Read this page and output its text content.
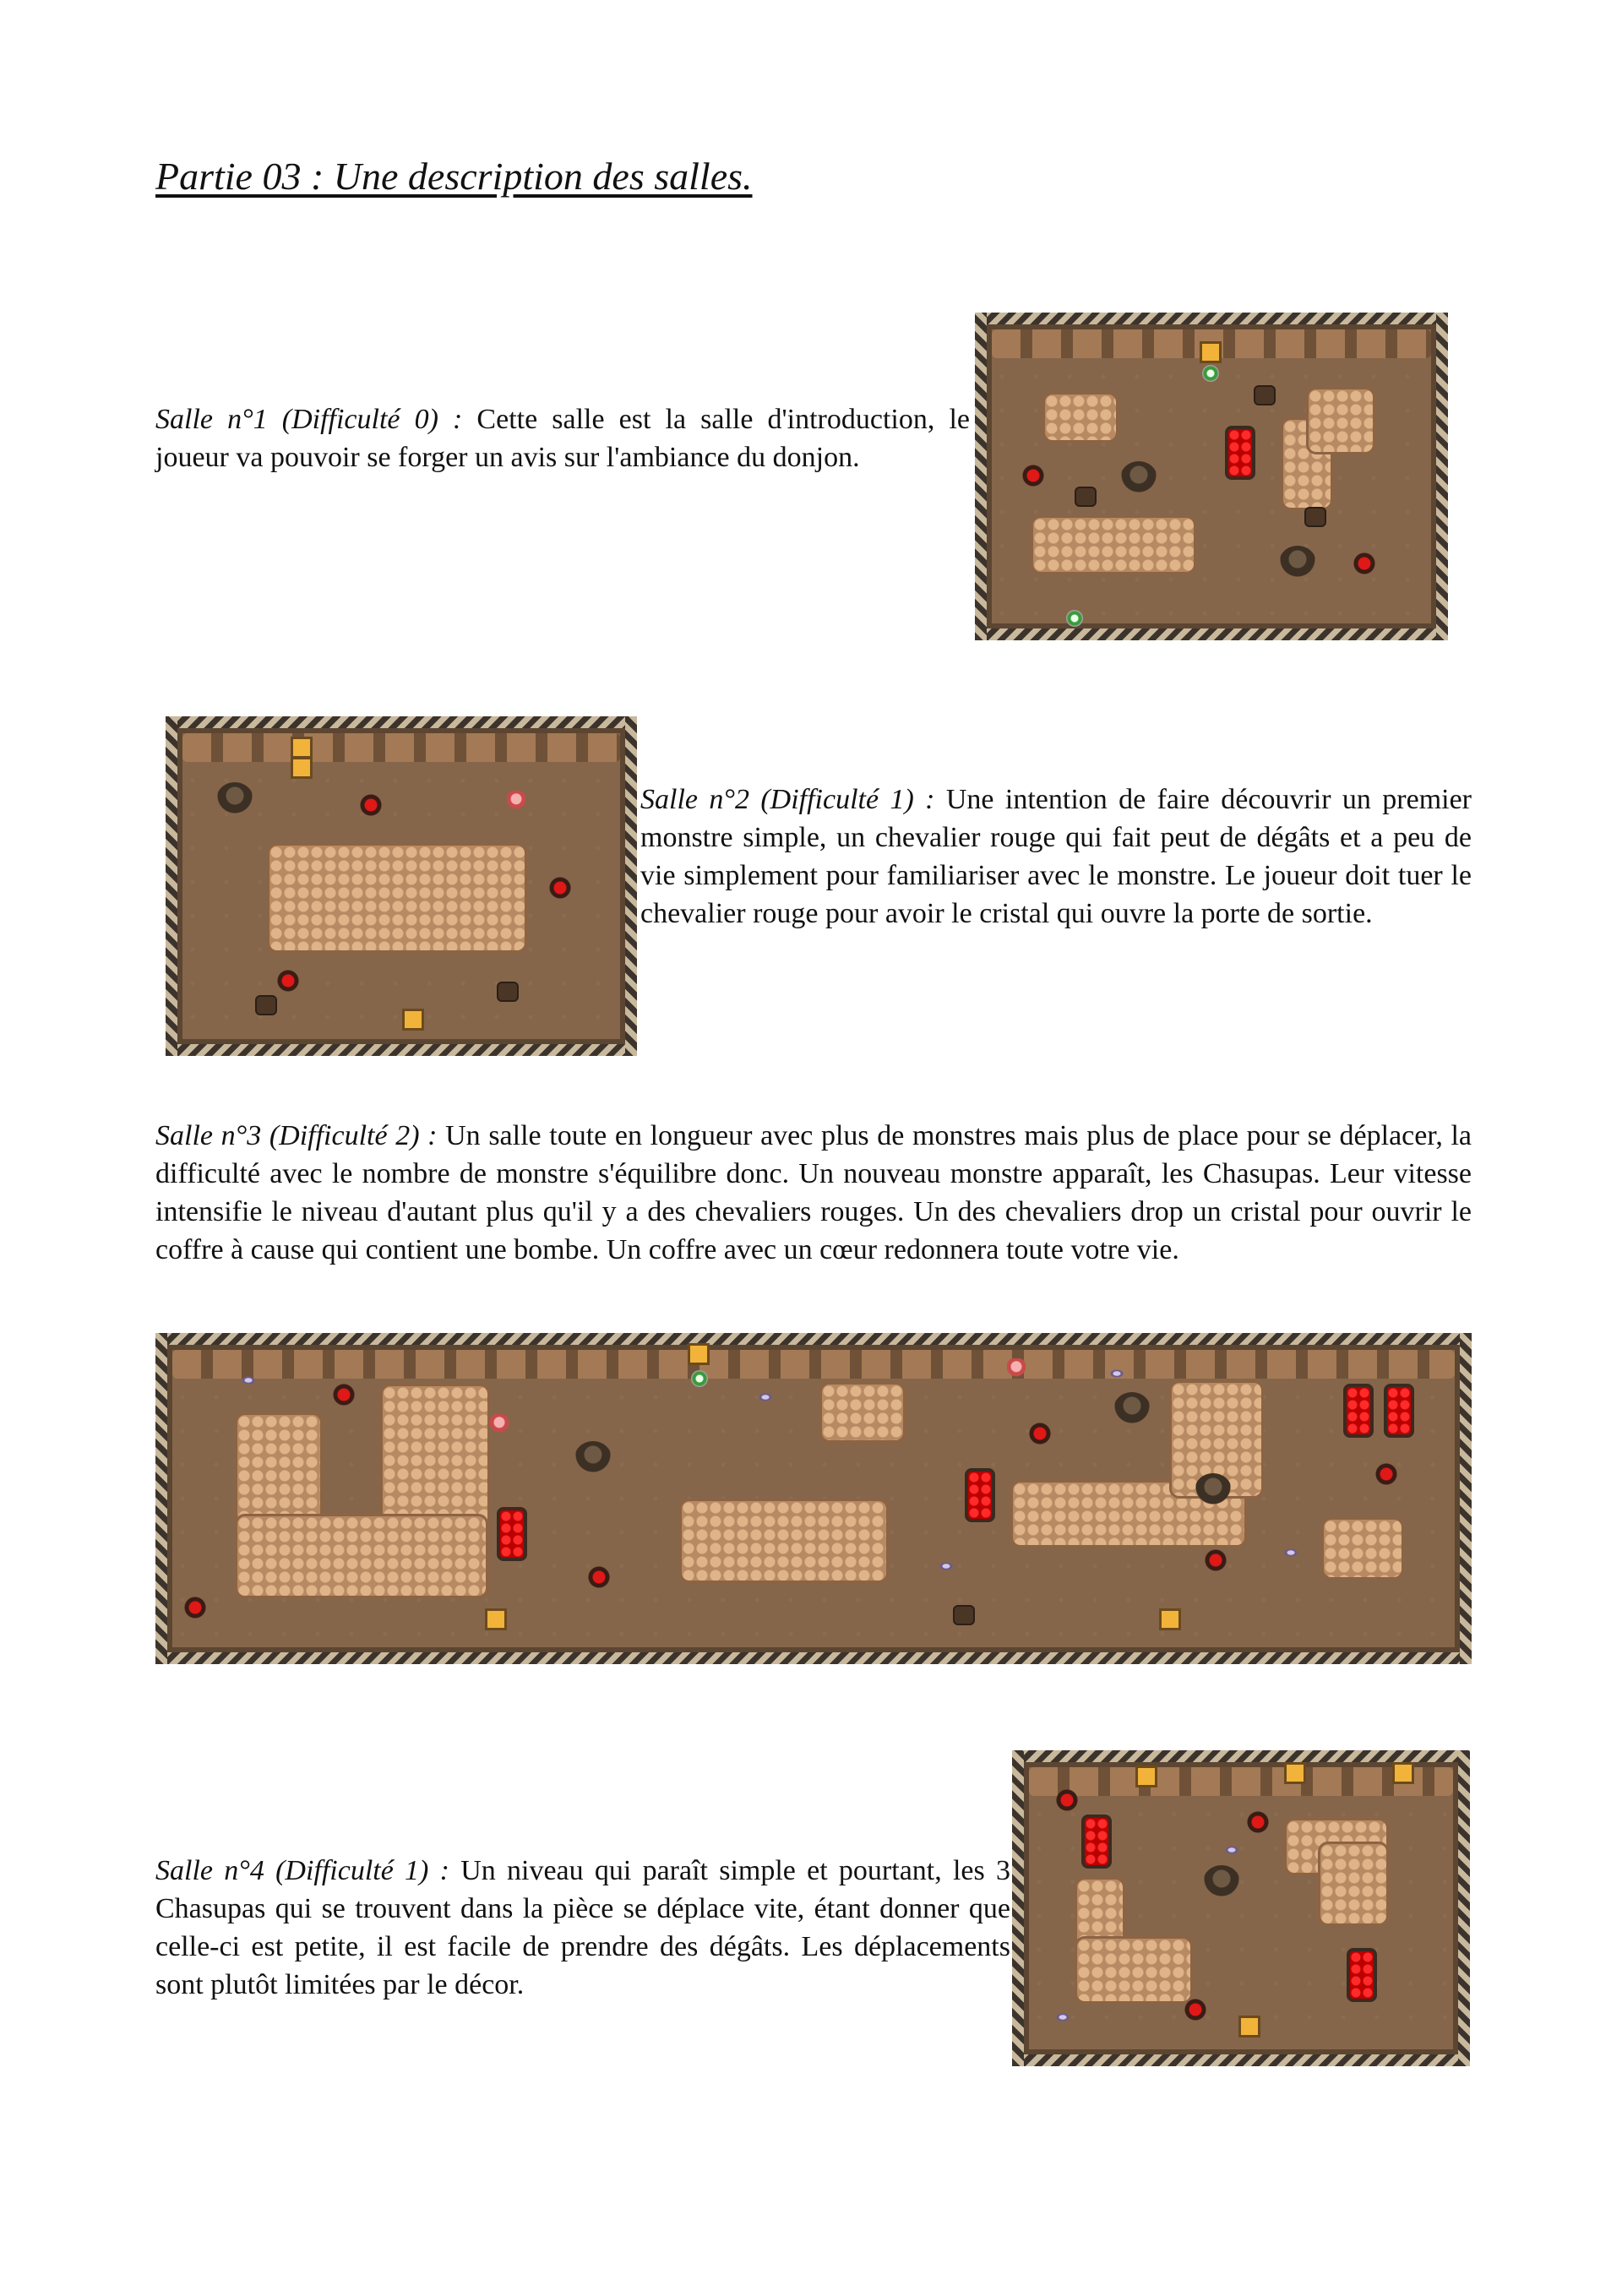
Partie 03 : Une description des salles.

Salle n°1 (Difficulté 0) : Cette salle est la salle d'introduction, le joueur va pouvoir se forger un avis sur l'ambiance du donjon.

Salle n°2 (Difficulté 1) : Une intention de faire découvrir un premier monstre simple, un chevalier rouge qui fait peut de dégâts et a peu de vie simplement pour familiariser avec le monstre. Le joueur doit tuer le chevalier rouge pour avoir le cristal qui ouvre la porte de sortie.

Salle n°3 (Difficulté 2) : Un salle toute en longueur avec plus de monstres mais plus de place pour se déplacer, la difficulté avec le nombre de monstre s'équilibre donc. Un nouveau monstre apparaît, les Chasupas. Leur vitesse intensifie le niveau d'autant plus qu'il y a des chevaliers rouges. Un des chevaliers drop un cristal pour ouvrir le coffre à cause qui contient une bombe. Un coffre avec un cœur redonnera toute votre vie.

Salle n°4 (Difficulté 1) : Un niveau qui paraît simple et pourtant, les 3 Chasupas qui se trouvent dans la pièce se déplace vite, étant donner que celle-ci est petite, il est facile de prendre des dégâts. Les déplacements sont plutôt limitées par le décor.
